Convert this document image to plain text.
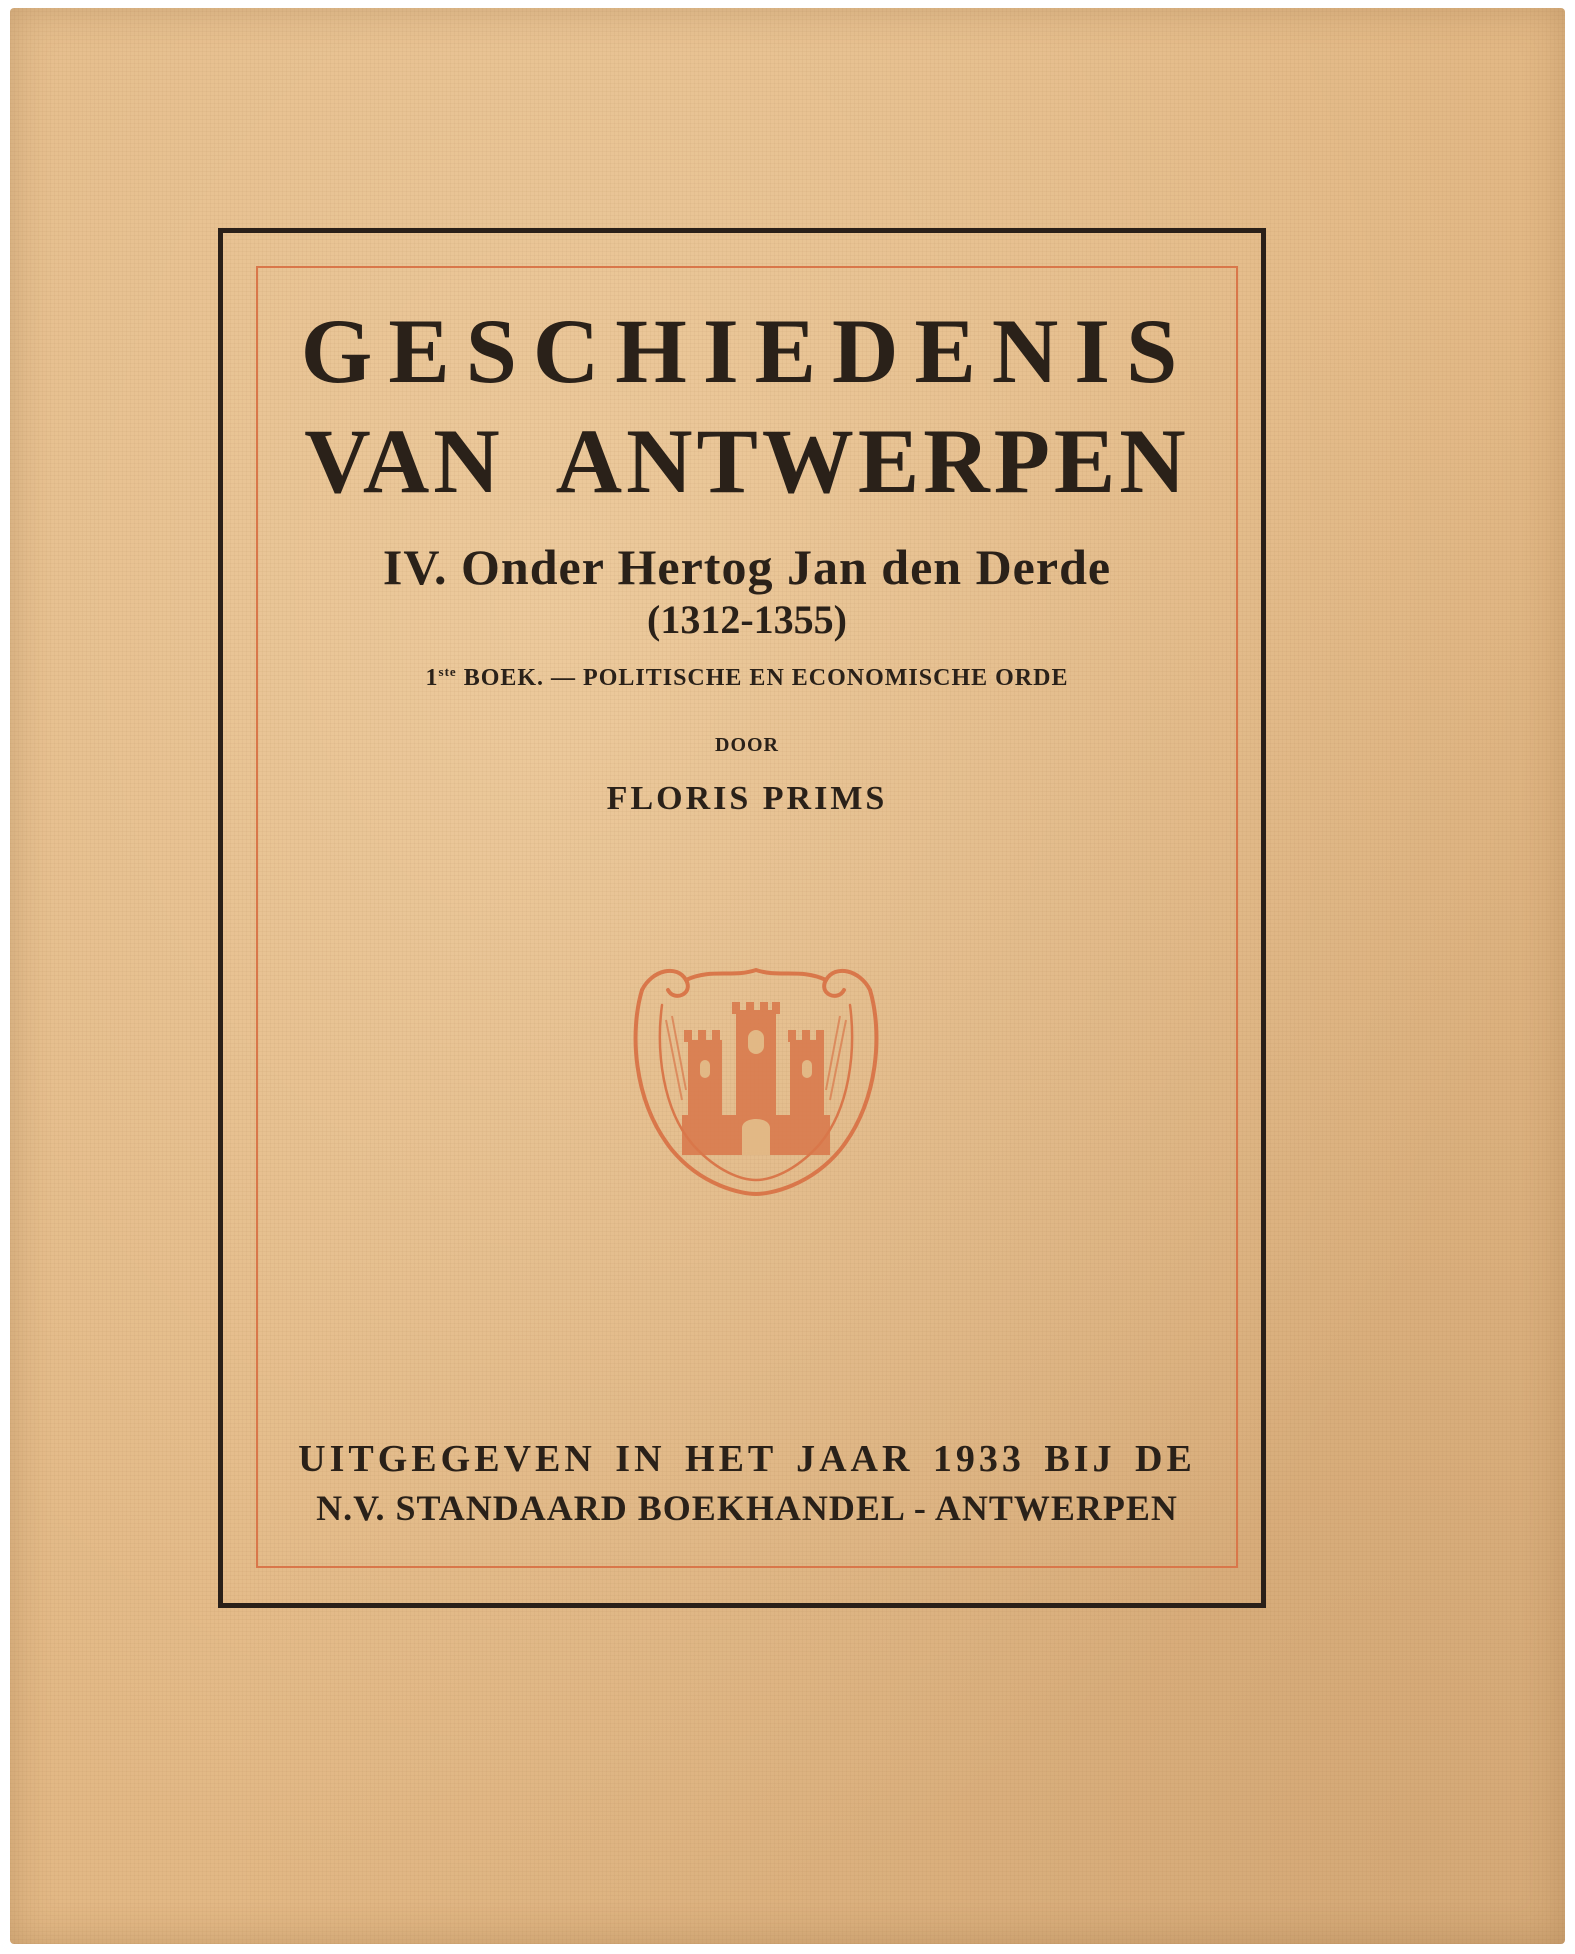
GESCHIEDENIS
VAN ANTWERPEN
IV. Onder Hertog Jan den Derde
(1312-1355)
1ste BOEK. — POLITISCHE EN ECONOMISCHE ORDE
DOOR
FLORIS PRIMS
UITGEGEVEN IN HET JAAR 1933 BIJ DE
N.V. STANDAARD BOEKHANDEL - ANTWERPEN
